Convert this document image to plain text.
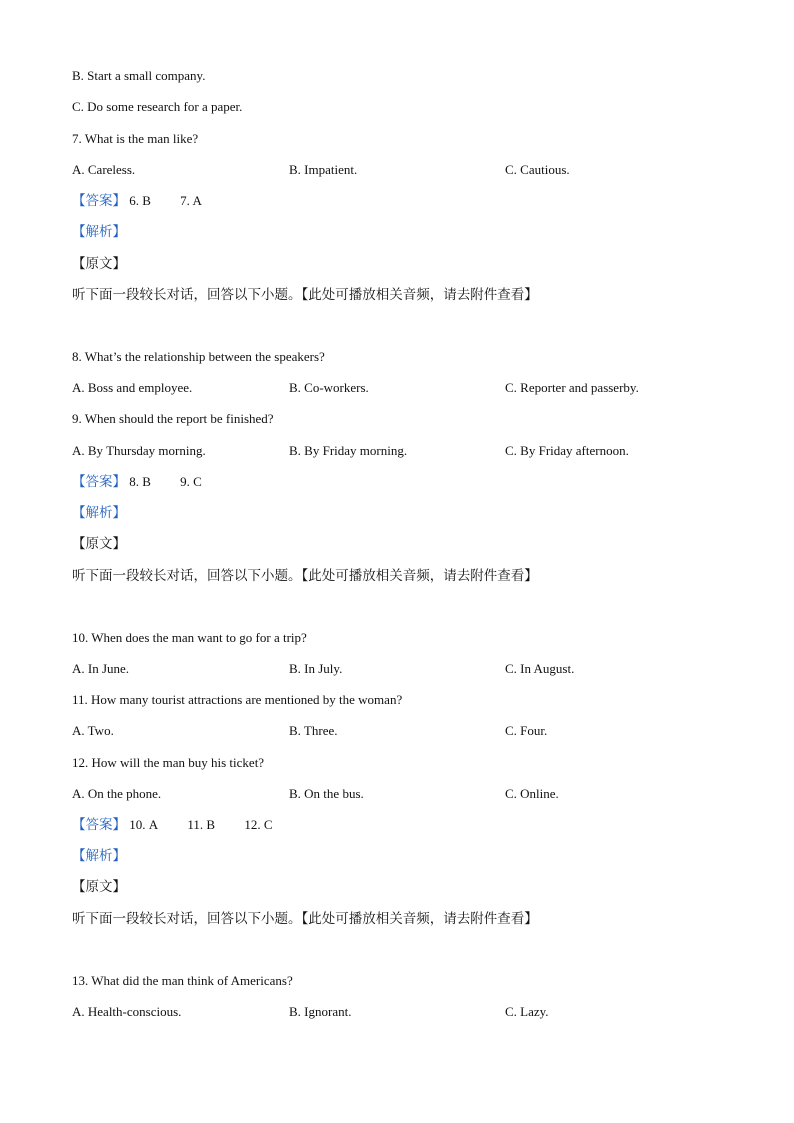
B. Start a small company.
C. Do some research for a paper.
7. What is the man like?
A. Careless.	B. Impatient.	C. Cautious.
【答案】 6. B 7. A
【解析】
【原文】
听下面一段较长对话，回答以下小题。【此处可播放相关音频，请去附件查看】
8. What’s the relationship between the speakers?
A. Boss and employee.	B. Co-workers.	C. Reporter and passerby.
9. When should the report be finished?
A. By Thursday morning.	B. By Friday morning.	C. By Friday afternoon.
【答案】 8. B 9. C
【解析】
【原文】
听下面一段较长对话，回答以下小题。【此处可播放相关音频，请去附件查看】
10. When does the man want to go for a trip?
A. In June.	B. In July.	C. In August.
11. How many tourist attractions are mentioned by the woman?
A. Two.	B. Three.	C. Four.
12. How will the man buy his ticket?
A. On the phone.	B. On the bus.	C. Online.
【答案】 10. A 11. B 12. C
【解析】
【原文】
听下面一段较长对话，回答以下小题。【此处可播放相关音频，请去附件查看】
13. What did the man think of Americans?
A. Health-conscious.	B. Ignorant.	C. Lazy.
